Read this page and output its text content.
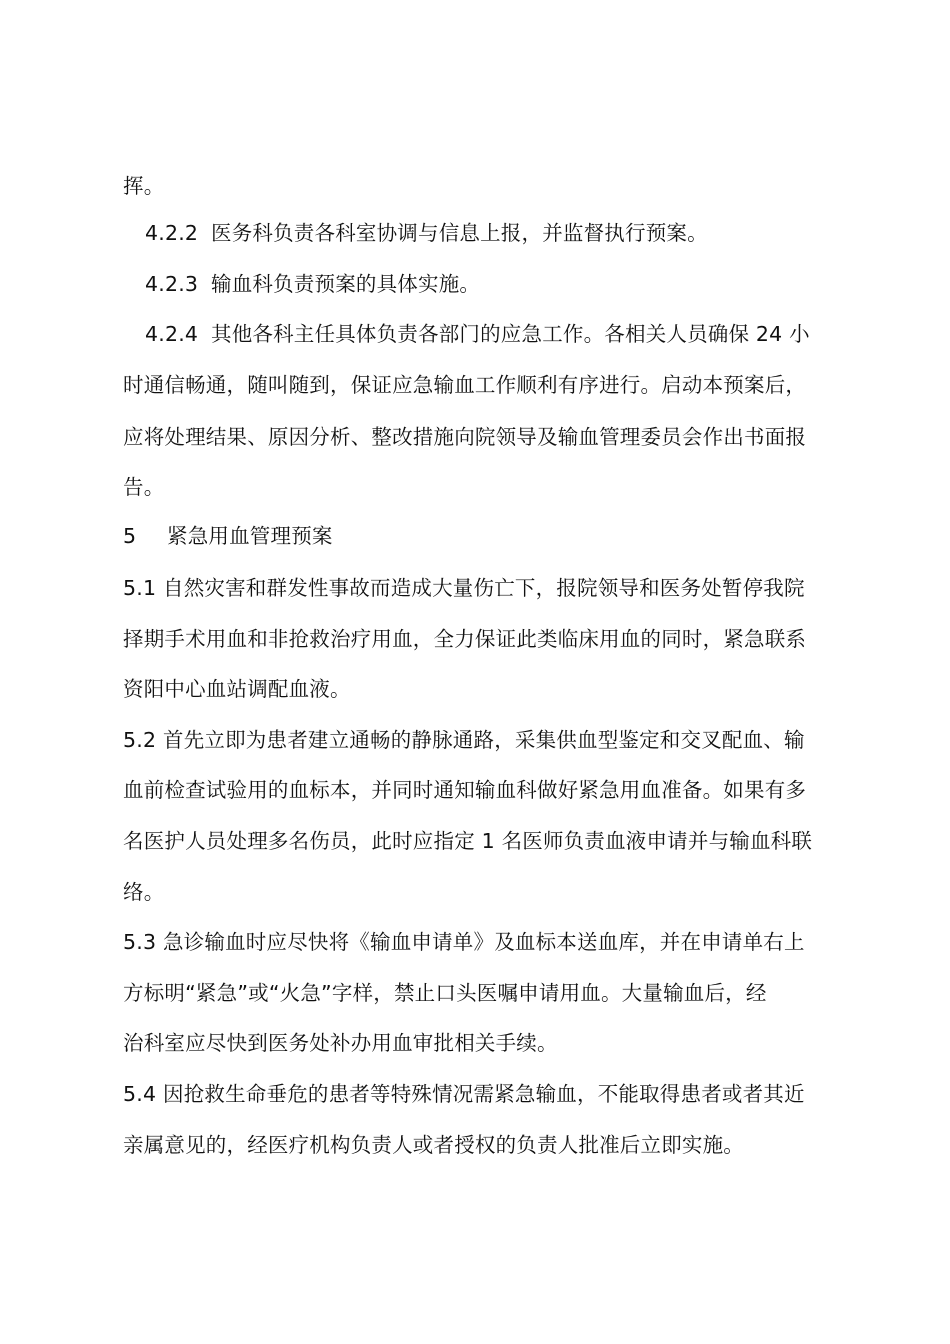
挥。
4.2.2 医务科负责各科室协调与信息上报，并监督执行预案。
4.2.3 输血科负责预案的具体实施。
4.2.4 其他各科主任具体负责各部门的应急工作。各相关人员确保 24 小
时通信畅通，随叫随到，保证应急输血工作顺利有序进行。启动本预案后，
应将处理结果、原因分析、整改措施向院领导及输血管理委员会作出书面报
告。
5 紧急用血管理预案
5.1 自然灾害和群发性事故而造成大量伤亡下，报院领导和医务处暂停我院
择期手术用血和非抢救治疗用血，全力保证此类临床用血的同时，紧急联系
资阳中心血站调配血液。
5.2 首先立即为患者建立通畅的静脉通路，采集供血型鉴定和交叉配血、输
血前检查试验用的血标本，并同时通知输血科做好紧急用血准备。如果有多
名医护人员处理多名伤员，此时应指定 1 名医师负责血液申请并与输血科联
络。
5.3 急诊输血时应尽快将《输血申请单》及血标本送血库，并在申请单右上
方标明“紧急”或“火急”字样，禁止口头医嘱申请用血。大量输血后，经
治科室应尽快到医务处补办用血审批相关手续。
5.4 因抢救生命垂危的患者等特殊情况需紧急输血，不能取得患者或者其近
亲属意见的，经医疗机构负责人或者授权的负责人批准后立即实施。
